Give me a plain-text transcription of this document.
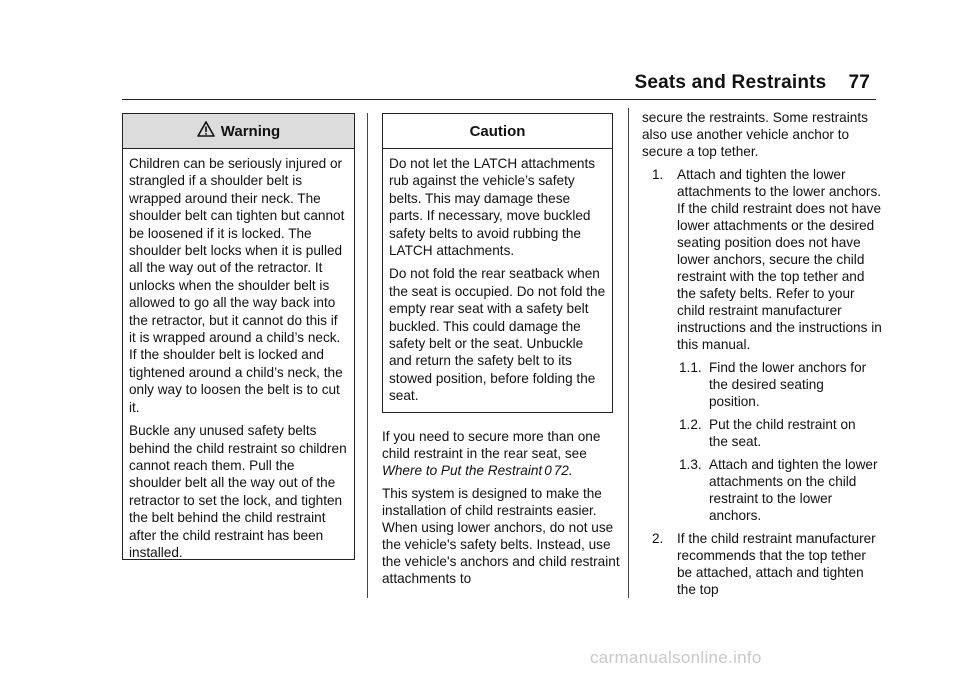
Seats and Restraints 77
Warning

Children can be seriously injured or strangled if a shoulder belt is wrapped around their neck. The shoulder belt can tighten but cannot be loosened if it is locked. The shoulder belt locks when it is pulled all the way out of the retractor. It unlocks when the shoulder belt is allowed to go all the way back into the retractor, but it cannot do this if it is wrapped around a child’s neck. If the shoulder belt is locked and tightened around a child’s neck, the only way to loosen the belt is to cut it.

Buckle any unused safety belts behind the child restraint so children cannot reach them. Pull the shoulder belt all the way out of the retractor to set the lock, and tighten the belt behind the child restraint after the child restraint has been installed.

Caution

Do not let the LATCH attachments rub against the vehicle’s safety belts. This may damage these parts. If necessary, move buckled safety belts to avoid rubbing the LATCH attachments.

Do not fold the rear seatback when the seat is occupied. Do not fold the empty rear seat with a safety belt buckled. This could damage the safety belt or the seat. Unbuckle and return the safety belt to its stowed position, before folding the seat.

If you need to secure more than one child restraint in the rear seat, see Where to Put the Restraint 0 72.

This system is designed to make the installation of child restraints easier. When using lower anchors, do not use the vehicle's safety belts. Instead, use the vehicle's anchors and child restraint attachments to

secure the restraints. Some restraints also use another vehicle anchor to secure a top tether.

1.	Attach and tighten the lower attachments to the lower anchors. If the child restraint does not have lower attachments or the desired seating position does not have lower anchors, secure the child restraint with the top tether and the safety belts. Refer to your child restraint manufacturer instructions and the instructions in this manual.
1.1. Find the lower anchors for the desired seating position.
1.2. Put the child restraint on the seat.
1.3. Attach and tighten the lower attachments on the child restraint to the lower anchors.
2.	If the child restraint manufacturer recommends that the top tether be attached, attach and tighten the top
carmanualsonline.info
